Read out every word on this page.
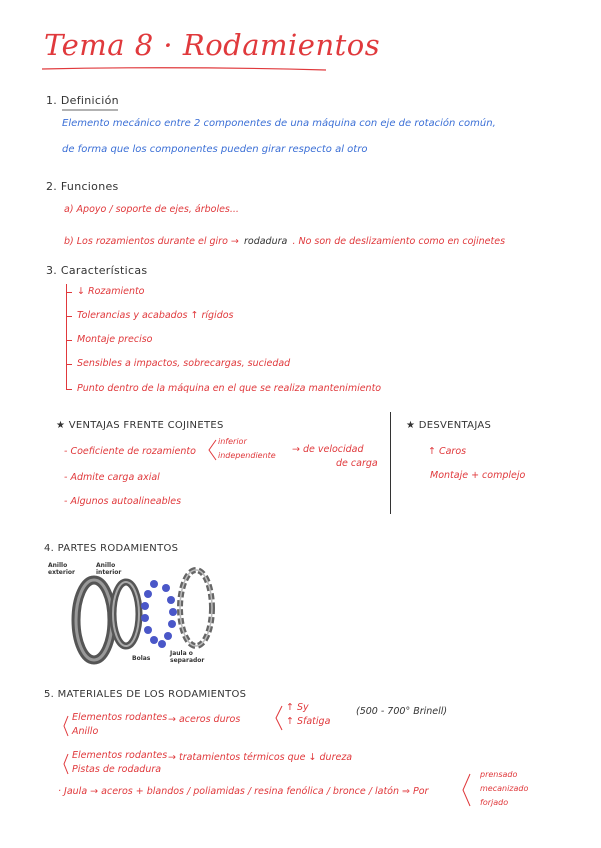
Tema 8 · Rodamientos
1. Definición
Elemento mecánico entre 2 componentes de una máquina con eje de rotación común,
de forma que los componentes pueden girar respecto al otro
2. Funciones
a) Apoyo / soporte de ejes, árboles...
b) Los rozamientos durante el giro → rodadura . No son de deslizamiento como en cojinetes
3. Características
↓ Rozamiento
Tolerancias y acabados ↑ rígidos
Montaje preciso
Sensibles a impactos, sobrecargas, suciedad
Punto dentro de la máquina en el que se realiza mantenimiento
★ VENTAJAS FRENTE COJINETES
- Coeficiente de rozamiento
inferior
independiente
→ de velocidad
de carga
- Admite carga axial
- Algunos autoalineables
★ DESVENTAJAS
↑ Caros
Montaje + complejo
4. PARTES RODAMIENTOS
Anillo exterior
Anillo interior
Bolas
Jaula o separador
5. MATERIALES DE LOS RODAMIENTOS
Elementos rodantes
Anillo
→ aceros duros
↑ Sy
↑ Sfatiga
(500 - 700° Brinell)
Elementos rodantes
Pistas de rodadura
→ tratamientos térmicos que ↓ dureza
· Jaula → aceros + blandos / poliamidas / resina fenólica / bronce / latón ⇒ Por
prensado
mecanizado
forjado
